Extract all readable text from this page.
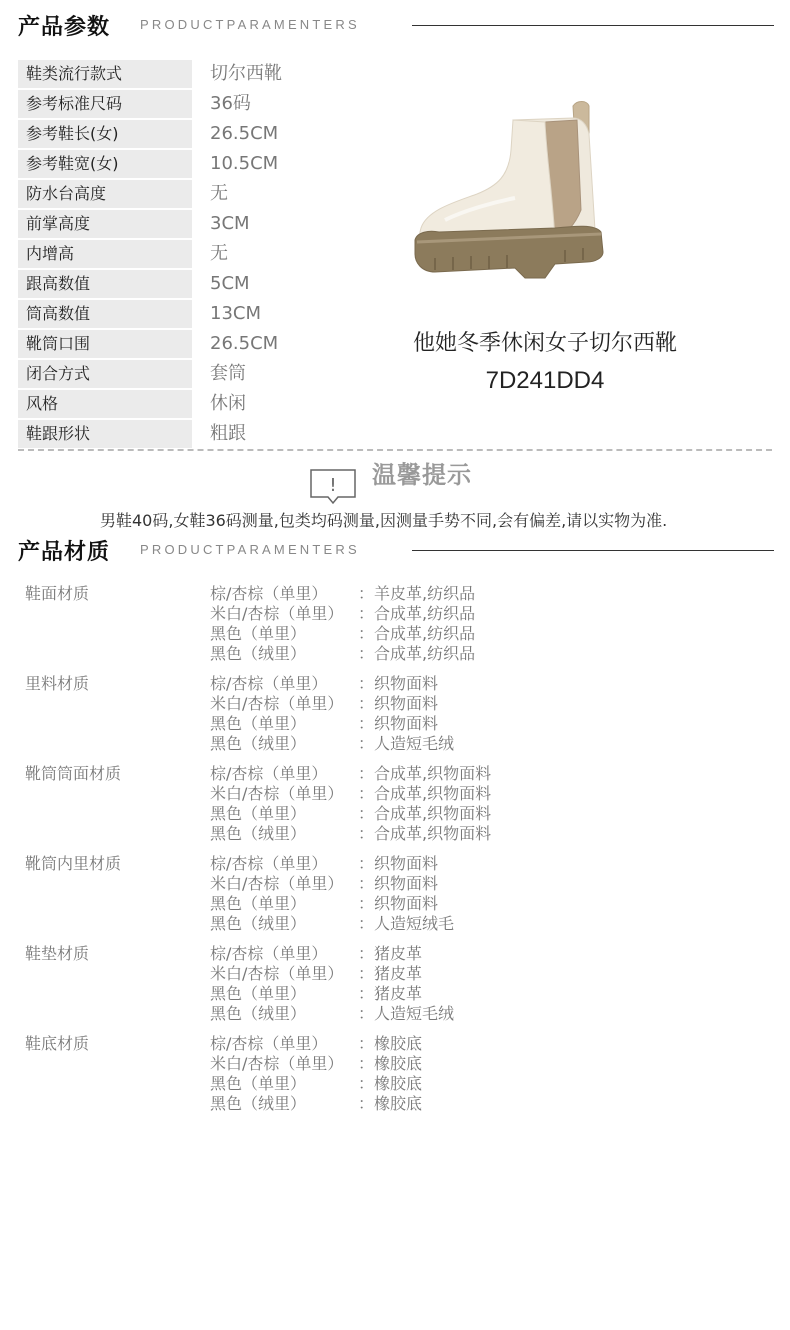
产品参数 PRODUCTPARAMENTERS
鞋类流行款式	切尔西靴
参考标准尺码	36码
参考鞋长(女)	26.5CM
参考鞋宽(女)	10.5CM
防水台高度	无
前掌高度	3CM
内增高	无
跟高数值	5CM
筒高数值	13CM
靴筒口围	26.5CM
闭合方式	套筒
风格	休闲
鞋跟形状	粗跟
他她冬季休闲女子切尔西靴
7D241DD4
! 温馨提示
男鞋40码,女鞋36码测量,包类均码测量,因测量手势不同,会有偏差,请以实物为准.
产品材质 PRODUCTPARAMENTERS
鞋面材质	棕/杏棕（单里） ：羊皮革,纺织品
米白/杏棕（单里） ：合成革,纺织品
黑色（单里）	：合成革,纺织品
黑色（绒里）	：合成革,纺织品
里料材质	棕/杏棕（单里） ：织物面料
米白/杏棕（单里） ：织物面料
黑色（单里）	：织物面料
黑色（绒里）	：人造短毛绒
靴筒筒面材质	棕/杏棕（单里） ：合成革,织物面料
米白/杏棕（单里） ：合成革,织物面料
黑色（单里）	：合成革,织物面料
黑色（绒里）	：合成革,织物面料
靴筒内里材质	棕/杏棕（单里） ：织物面料
米白/杏棕（单里） ：织物面料
黑色（单里）	：织物面料
黑色（绒里）	：人造短绒毛
鞋垫材质	棕/杏棕（单里） ：猪皮革
米白/杏棕（单里） ：猪皮革
黑色（单里）	：猪皮革
黑色（绒里）	：人造短毛绒
鞋底材质	棕/杏棕（单里） ：橡胶底
米白/杏棕（单里） ：橡胶底
黑色（单里）	：橡胶底
黑色（绒里）	：橡胶底
